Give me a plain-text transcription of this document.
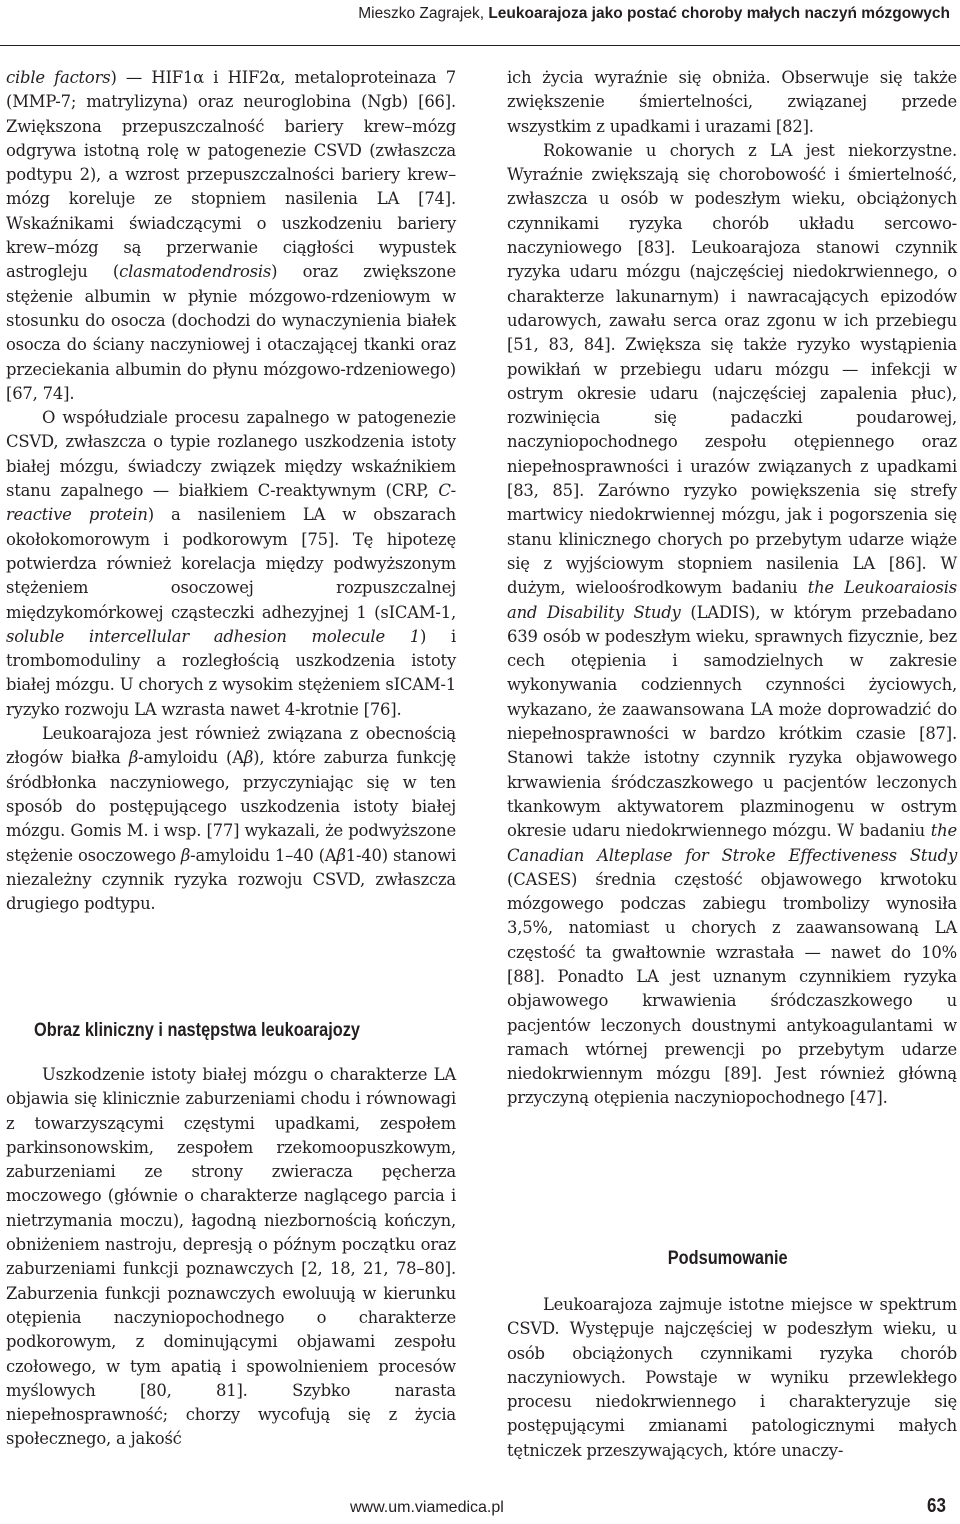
Mieszko Zagrajek, Leukoarajoza jako postać choroby małych naczyń mózgowych
cible factors) — HIF1α i HIF2α, metaloproteinaza 7 (MMP-7; matrylizyna) oraz neuroglobina (Ngb) [66]. Zwiększona przepuszczalność bariery krew–mózg odgrywa istotną rolę w patogenezie CSVD (zwłaszcza podtypu 2), a wzrost przepuszczalności bariery krew–mózg koreluje ze stopniem nasilenia LA [74]. Wskaźnikami świadczącymi o uszkodzeniu bariery krew–mózg są przerwanie ciągłości wypustek astrogleju (clasmatodendrosis) oraz zwiększone stężenie albumin w płynie mózgowo-rdzeniowym w stosunku do osocza (dochodzi do wynaczynienia białek osocza do ściany naczyniowej i otaczającej tkanki oraz przeciekania albumin do płynu mózgowo-rdzeniowego) [67, 74].
O współudziale procesu zapalnego w patogenezie CSVD, zwłaszcza o typie rozlanego uszkodzenia istoty białej mózgu, świadczy związek między wskaźnikiem stanu zapalnego — białkiem C-reaktywnym (CRP, C-reactive protein) a nasileniem LA w obszarach okołokomorowym i podkorowym [75]. Tę hipotezę potwierdza również korelacja między podwyższonym stężeniem osoczowej rozpuszczalnej międzykomórkowej cząsteczki adhezyjnej 1 (sICAM-1, soluble intercellular adhesion molecule 1) i trombomoduliny a rozległością uszkodzenia istoty białej mózgu. U chorych z wysokim stężeniem sICAM-1 ryzyko rozwoju LA wzrasta nawet 4-krotnie [76].
Leukoarajoza jest również związana z obecnością złogów białka β-amyloidu (Aβ), które zaburza funkcję śródbłonka naczyniowego, przyczyniając się w ten sposób do postępującego uszkodzenia istoty białej mózgu. Gomis M. i wsp. [77] wykazali, że podwyższone stężenie osoczowego β-amyloidu 1–40 (Aβ1-40) stanowi niezależny czynnik ryzyka rozwoju CSVD, zwłaszcza drugiego podtypu.
Obraz kliniczny i następstwa leukoarajozy
Uszkodzenie istoty białej mózgu o charakterze LA objawia się klinicznie zaburzeniami chodu i równowagi z towarzyszącymi częstymi upadkami, zespołem parkinsonowskim, zespołem rzekomoopuszkowym, zaburzeniami ze strony zwieracza pęcherza moczowego (głównie o charakterze naglącego parcia i nietrzymania moczu), łagodną niezbornością kończyn, obniżeniem nastroju, depresją o późnym początku oraz zaburzeniami funkcji poznawczych [2, 18, 21, 78–80]. Zaburzenia funkcji poznawczych ewoluują w kierunku otępienia naczyniopochodnego o charakterze podkorowym, z dominującymi objawami zespołu czołowego, w tym apatią i spowolnieniem procesów myślowych [80, 81]. Szybko narasta niepełnosprawność; chorzy wycofują się z życia społecznego, a jakość
ich życia wyraźnie się obniża. Obserwuje się także zwiększenie śmiertelności, związanej przede wszystkim z upadkami i urazami [82].
Rokowanie u chorych z LA jest niekorzystne. Wyraźnie zwiększają się chorobowość i śmiertelność, zwłaszcza u osób w podeszłym wieku, obciążonych czynnikami ryzyka chorób układu sercowo-naczyniowego [83]. Leukoarajoza stanowi czynnik ryzyka udaru mózgu (najczęściej niedokrwiennego, o charakterze lakunarnym) i nawracających epizodów udarowych, zawału serca oraz zgonu w ich przebiegu [51, 83, 84]. Zwiększa się także ryzyko wystąpienia powikłań w przebiegu udaru mózgu — infekcji w ostrym okresie udaru (najczęściej zapalenia płuc), rozwinięcia się padaczki poudarowej, naczyniopochodnego zespołu otępiennego oraz niepełnosprawności i urazów związanych z upadkami [83, 85]. Zarówno ryzyko powiększenia się strefy martwicy niedokrwiennej mózgu, jak i pogorszenia się stanu klinicznego chorych po przebytym udarze wiąże się z wyjściowym stopniem nasilenia LA [86]. W dużym, wieloośrodkowym badaniu the Leukoaraiosis and Disability Study (LADIS), w którym przebadano 639 osób w podeszłym wieku, sprawnych fizycznie, bez cech otępienia i samodzielnych w zakresie wykonywania codziennych czynności życiowych, wykazano, że zaawansowana LA może doprowadzić do niepełnosprawności w bardzo krótkim czasie [87]. Stanowi także istotny czynnik ryzyka objawowego krwawienia śródczaszkowego u pacjentów leczonych tkankowym aktywatorem plazminogenu w ostrym okresie udaru niedokrwiennego mózgu. W badaniu the Canadian Alteplase for Stroke Effectiveness Study (CASES) średnia częstość objawowego krwotoku mózgowego podczas zabiegu trombolizy wynosiła 3,5%, natomiast u chorych z zaawansowaną LA częstość ta gwałtownie wzrastała — nawet do 10% [88]. Ponadto LA jest uznanym czynnikiem ryzyka objawowego krwawienia śródczaszkowego u pacjentów leczonych doustnymi antykoagulantami w ramach wtórnej prewencji po przebytym udarze niedokrwiennym mózgu [89]. Jest również główną przyczyną otępienia naczyniopochodnego [47].
Podsumowanie
Leukoarajoza zajmuje istotne miejsce w spektrum CSVD. Występuje najczęściej w podeszłym wieku, u osób obciążonych czynnikami ryzyka chorób naczyniowych. Powstaje w wyniku przewlekłego procesu niedokrwiennego i charakteryzuje się postępującymi zmianami patologicznymi małych tętniczek przeszywających, które unaczy-
www.um.viamedica.pl	63
